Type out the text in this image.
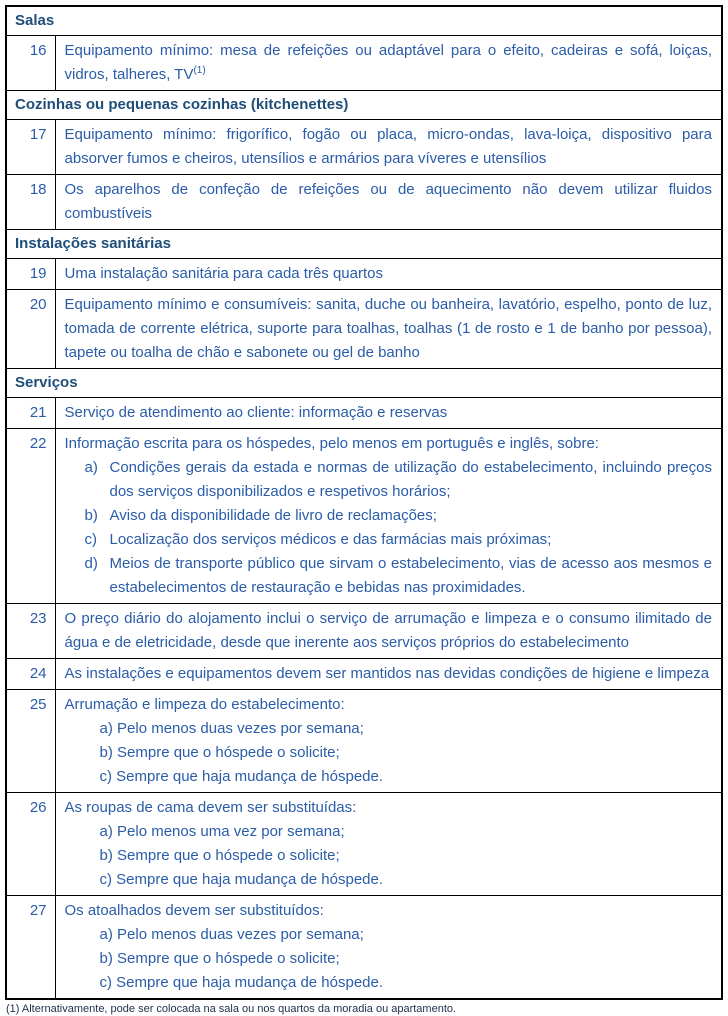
Salas	
16	Equipamento mínimo: mesa de refeições ou adaptável para o efeito, cadeiras e sofá, loiças, vidros, talheres, TV$^{(1)}$

Cozinhas ou pequenas cozinhas (kitchenettes)	
17	Equipamento mínimo: frigorífico, fogão ou placa, micro-ondas, lava-loiça, dispositivo para absorver fumos e cheiros, utensílios e armários para víveres e utensílios

18	Os aparelhos de confeção de refeições ou de aquecimento não devem utilizar fluidos combustíveis

Instalações sanitárias	
19	Uma instalação sanitária para cada três quartos

20	Equipamento mínimo e consumíveis: sanita, duche ou banheira, lavatório, espelho, ponto de luz, tomada de corrente elétrica, suporte para toalhas, toalhas (1 de rosto e 1 de banho por pessoa), tapete ou toalha de chão e sabonete ou gel de banho

Serviços	
21	Serviço de atendimento ao cliente: informação e reservas

22	Informação escrita para os hóspedes, pelo menos em português e inglês, sobre:
a) Condições gerais da estada e normas de utilização do estabelecimento, incluindo preços dos serviços disponibilizados e respetivos horários;
b) Aviso da disponibilidade de livro de reclamações;
c) Localização dos serviços médicos e das farmácias mais próximas;
d) Meios de transporte público que sirvam o estabelecimento, vias de acesso aos mesmos e estabelecimentos de restauração e bebidas nas proximidades.

23	O preço diário do alojamento inclui o serviço de arrumação e limpeza e o consumo ilimitado de água e de eletricidade, desde que inerente aos serviços próprios do estabelecimento

24	As instalações e equipamentos devem ser mantidos nas devidas condições de higiene e limpeza

25	Arrumação e limpeza do estabelecimento:
a) Pelo menos duas vezes por semana;
b) Sempre que o hóspede o solicite;
c) Sempre que haja mudança de hóspede.

26	As roupas de cama devem ser substituídas:
a) Pelo menos uma vez por semana;
b) Sempre que o hóspede o solicite;
c) Sempre que haja mudança de hóspede.

27	Os atoalhados devem ser substituídos:
a) Pelo menos duas vezes por semana;
b) Sempre que o hóspede o solicite;
c) Sempre que haja mudança de hóspede.
(1) Alternativamente, pode ser colocada na sala ou nos quartos da moradia ou apartamento.
